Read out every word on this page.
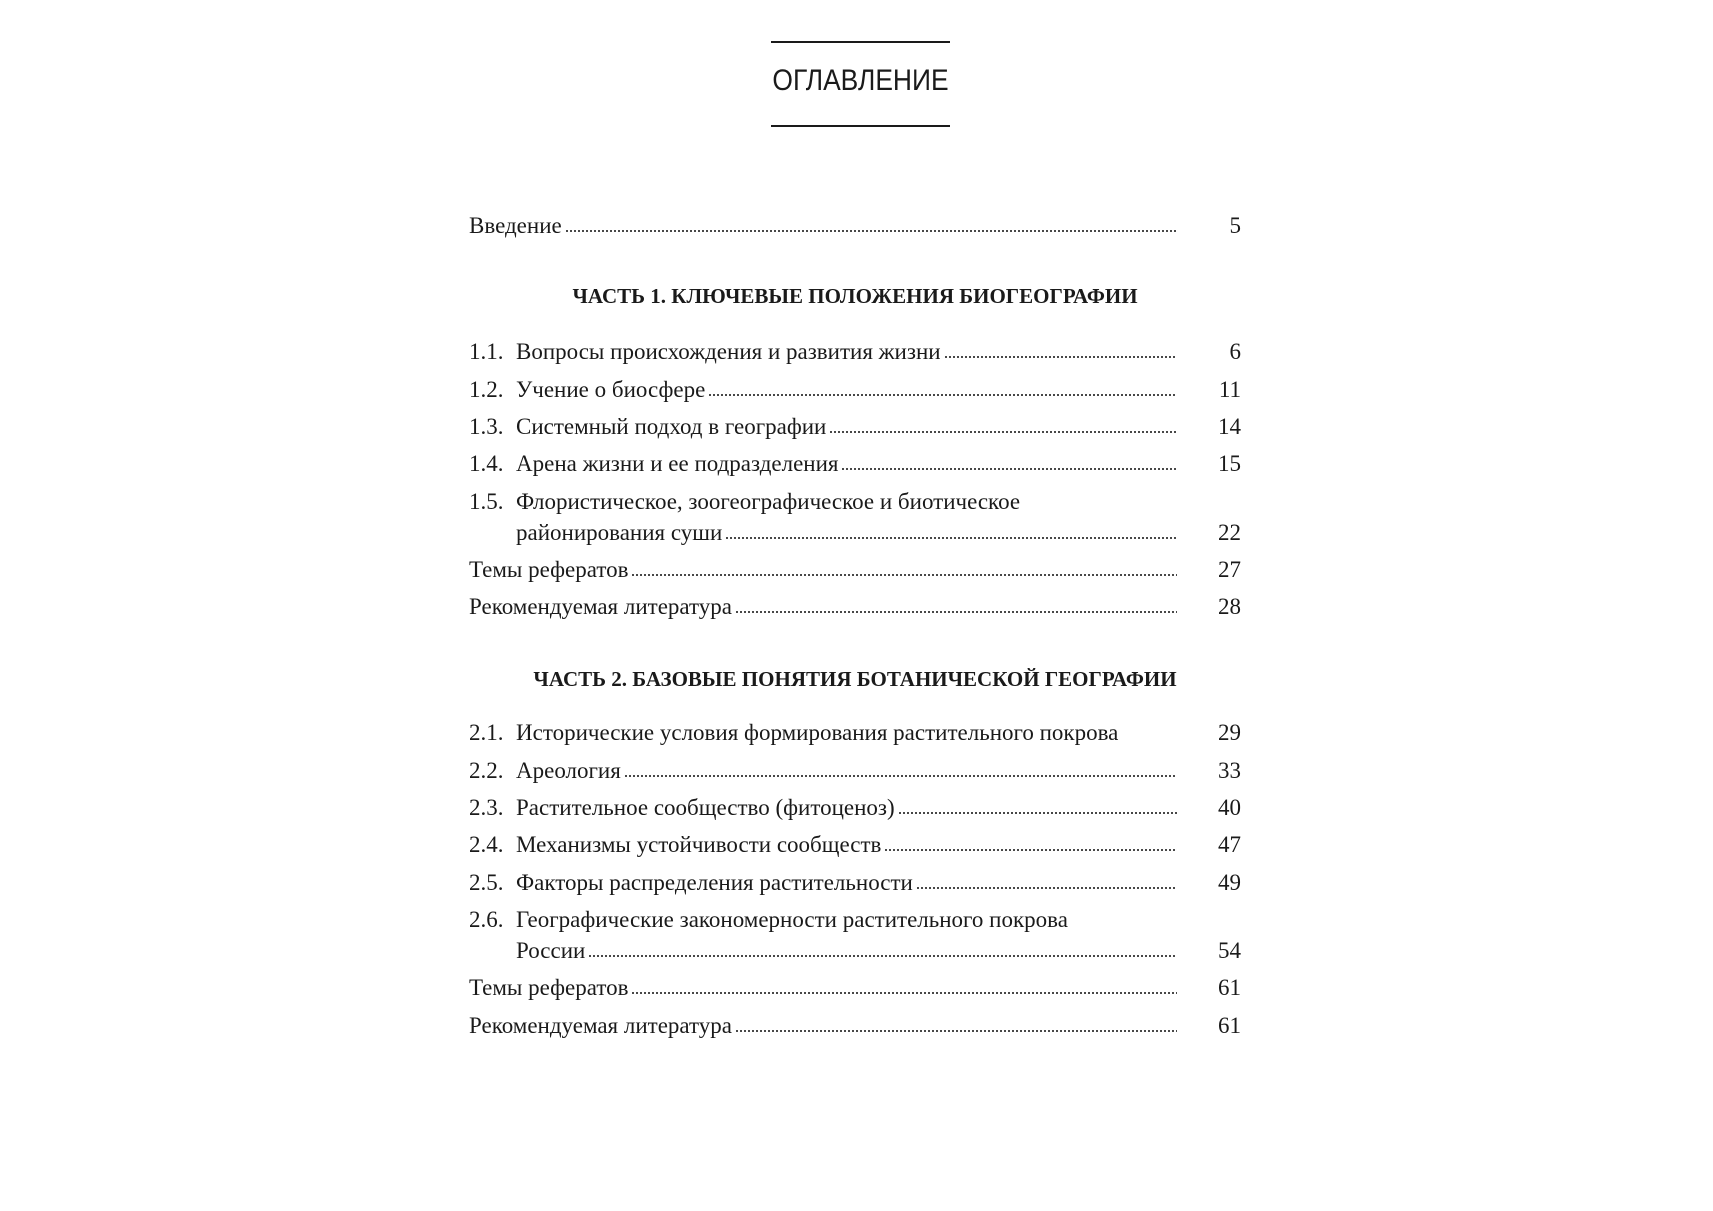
ОГЛАВЛЕНИЕ
Введение	5
ЧАСТЬ 1. КЛЮЧЕВЫЕ ПОЛОЖЕНИЯ БИОГЕОГРАФИИ
1.1. Вопросы происхождения и развития жизни	6
1.2. Учение о биосфере	11
1.3. Системный подход в географии	14
1.4. Арена жизни и ее подразделения	15
1.5. Флористическое, зоогеографическое и биотическое
районирования суши	22
Темы рефератов	27
Рекомендуемая литература	28
ЧАСТЬ 2. БАЗОВЫЕ ПОНЯТИЯ БОТАНИЧЕСКОЙ ГЕОГРАФИИ
2.1. Исторические условия формирования растительного покрова	29
2.2. Ареология	33
2.3. Растительное сообщество (фитоценоз)	40
2.4. Механизмы устойчивости сообществ	47
2.5. Факторы распределения растительности	49
2.6. Географические закономерности растительного покрова
России	54
Темы рефератов	61
Рекомендуемая литература	61
